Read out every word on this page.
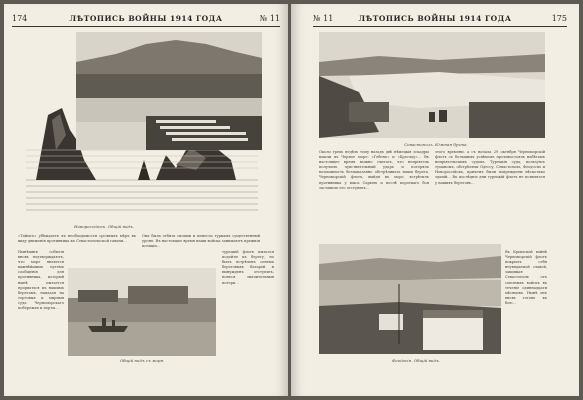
174	ЛѢТОПИСЬ ВОЙНЫ 1914 ГОДА	№ 11
Новороссійскъ. Общій видъ.
«Таймсъ» убѣждаетъ въ необходимости срочныхъ мѣръ въ виду движенія противника къ Севастопольской гавани…
Она была отбита своими и нанесла туркамъ существенный уронъ. Въ настоящее время наши войска занимаютъ прежнія позиціи…
Нынѣшнія событія вновь подтверждаютъ, что море является важнѣйшимъ путемъ сообщенія для противника, который нынѣ пытается прорваться къ нашимъ берегамъ, нападая на торговыя и мирныя суда Черноморскаго побережья и порты…
Общій видъ съ моря.
турецкій флотъ пытался подойти къ берегу, но былъ встрѣченъ огнемъ береговыхъ батарей и вынужденъ отступить, понеся значительныя потери…
№ 11	ЛѢТОПИСЬ ВОЙНЫ 1914 ГОДА	175
Севастополь. Южная бухта.
Около трехъ недѣль тому назадъ двѣ нѣмецкія эскадры вошли въ Черное море: «Гебенъ» и «Бреслау»… Въ настоящее время можно считать, что непріятель получилъ чувствительный ударъ и потерялъ возможность безнаказанно обстрѣливать наши берега. Черноморскій флотъ, выйдя въ море, встрѣтилъ противника у мыса Сарычъ и послѣ короткаго боя заставилъ его отступить…
этого времени, а съ начала 29 октября Черноморскій флотъ съ большимъ успѣхомъ противостоялъ набѣгамъ непріятельскихъ судовъ. Турецкія суда, пользуясь туманомъ, обстрѣляли Одессу, Севастополь, Феодосію и Новороссійскъ, причемъ были повреждены нѣсколько зданій… Въ послѣдніе дни турецкій флотъ не появлялся у нашихъ береговъ…
Феодосія. Общій видъ.
Въ Крымской войнѣ Черноморскій флотъ покрылъ себя неувядаемой славой, защищая Севастополь отъ союзныхъ войскъ въ теченіе одиннадцати мѣсяцевъ. Нынѣ онъ вновь готовъ къ бою…
